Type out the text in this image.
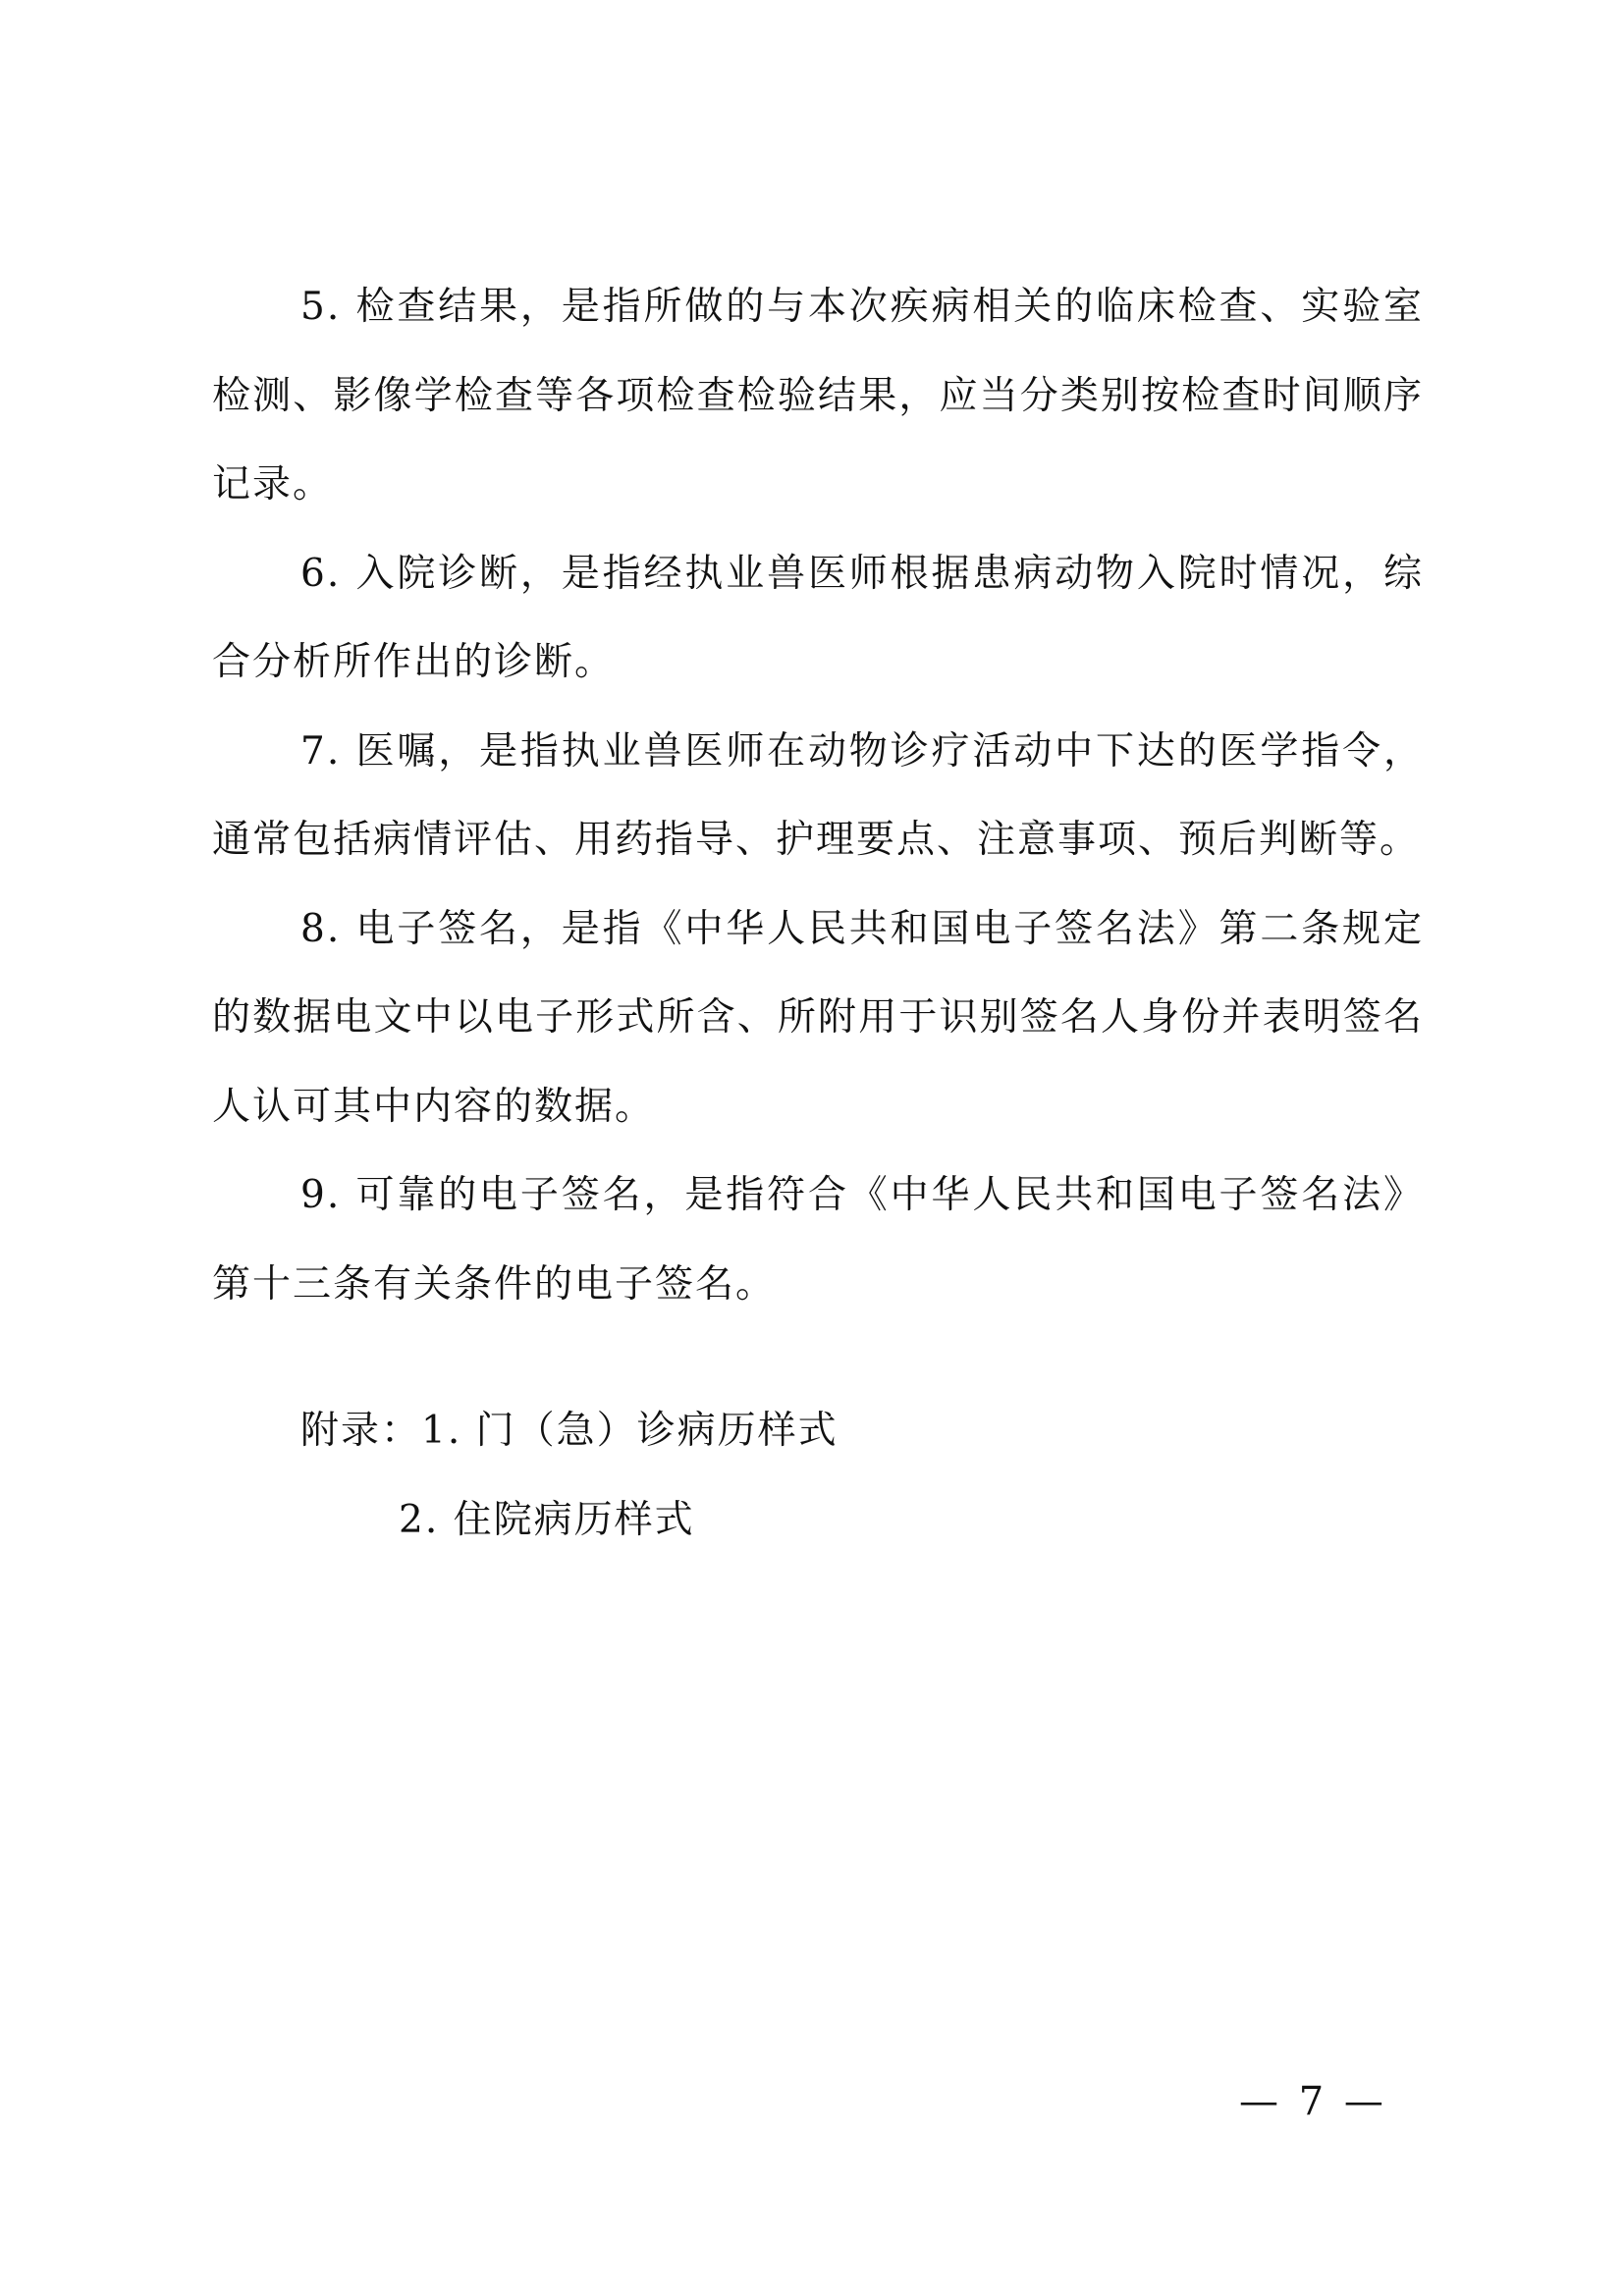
5. 检查结果，是指所做的与本次疾病相关的临床检查、实验室检测、影像学检查等各项检查检验结果，应当分类别按检查时间顺序记录。

6. 入院诊断，是指经执业兽医师根据患病动物入院时情况，综合分析所作出的诊断。

7. 医嘱，是指执业兽医师在动物诊疗活动中下达的医学指令，通常包括病情评估、用药指导、护理要点、注意事项、预后判断等。

8. 电子签名，是指《中华人民共和国电子签名法》第二条规定的数据电文中以电子形式所含、所附用于识别签名人身份并表明签名人认可其中内容的数据。

9. 可靠的电子签名，是指符合《中华人民共和国电子签名法》第十三条有关条件的电子签名。

附录：1. 门（急）诊病历样式

2. 住院病历样式

— 7 —
